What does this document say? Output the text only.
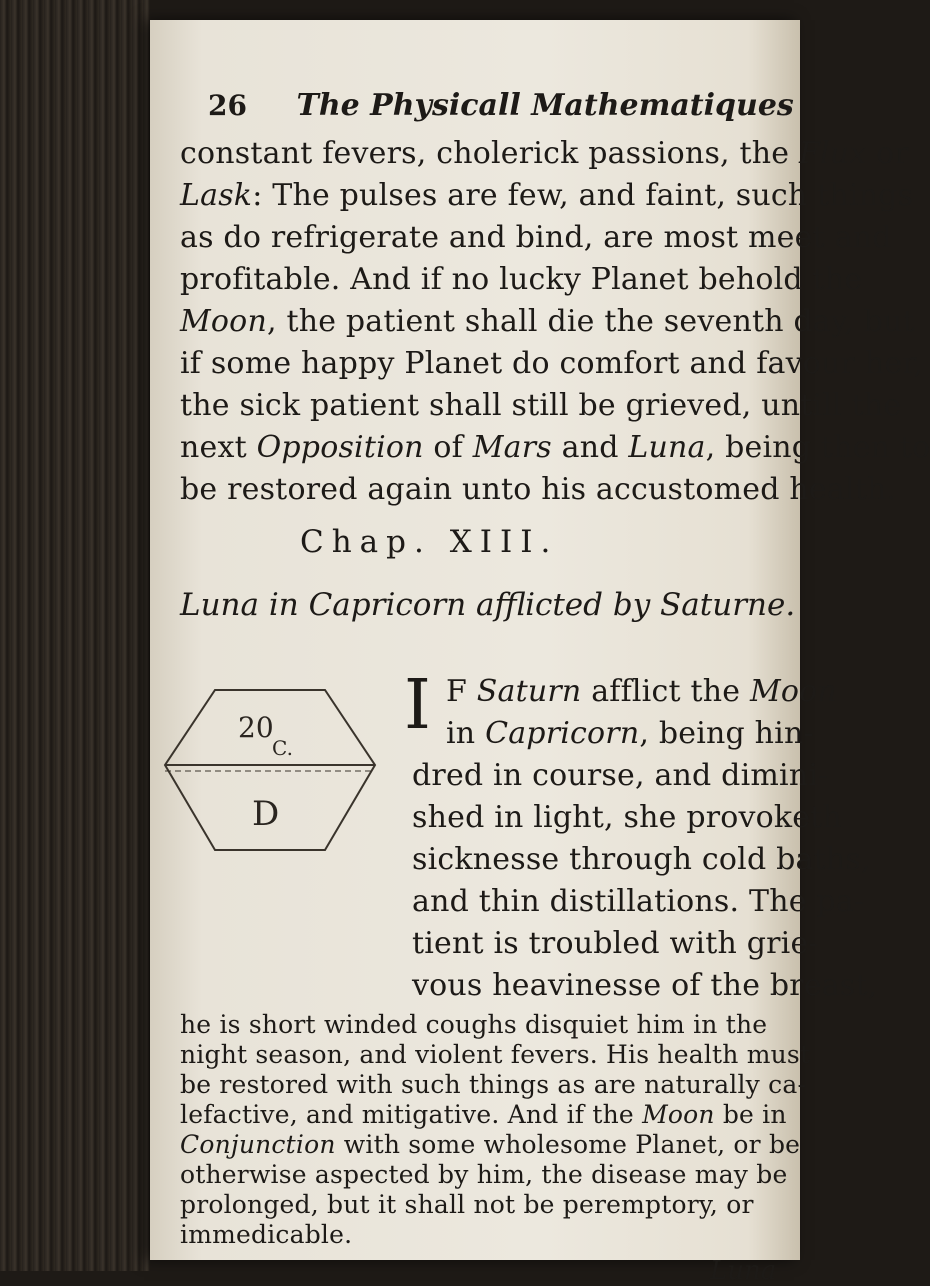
26 The Physicall Mathematiques
constant fevers, cholerick passions, the Flux or
Lask: The pulses are few, and faint, such things
as do refrigerate and bind, are most meet and
profitable. And if no lucky Planet behold the
Moon, the patient shall die the seventh day, but
if some happy Planet do comfort and favour her,
the sick patient shall still be grieved, untill the
next Opposition of Mars and Luna, being then to
be restored again unto his accustomed health.
Chap. XIII.
Luna in Capricorn afflicted by Saturne.
20
C.
D
I F Saturn afflict the Moon
in Capricorn, being hin-
dred in course, and dimini-
shed in light, she provoketh
sicknesse through cold baths,
and thin distillations. The pa-
tient is troubled with grie-
vous heavinesse of the breast,
he is short winded coughs disquiet him in the
night season, and violent fevers. His health must
be restored with such things as are naturally ca-
lefactive, and mitigative. And if the Moon be in
Conjunction with some wholesome Planet, or be
otherwise aspected by him, the disease may be
prolonged, but it shall not be peremptory, or
immedicable.
Luna
